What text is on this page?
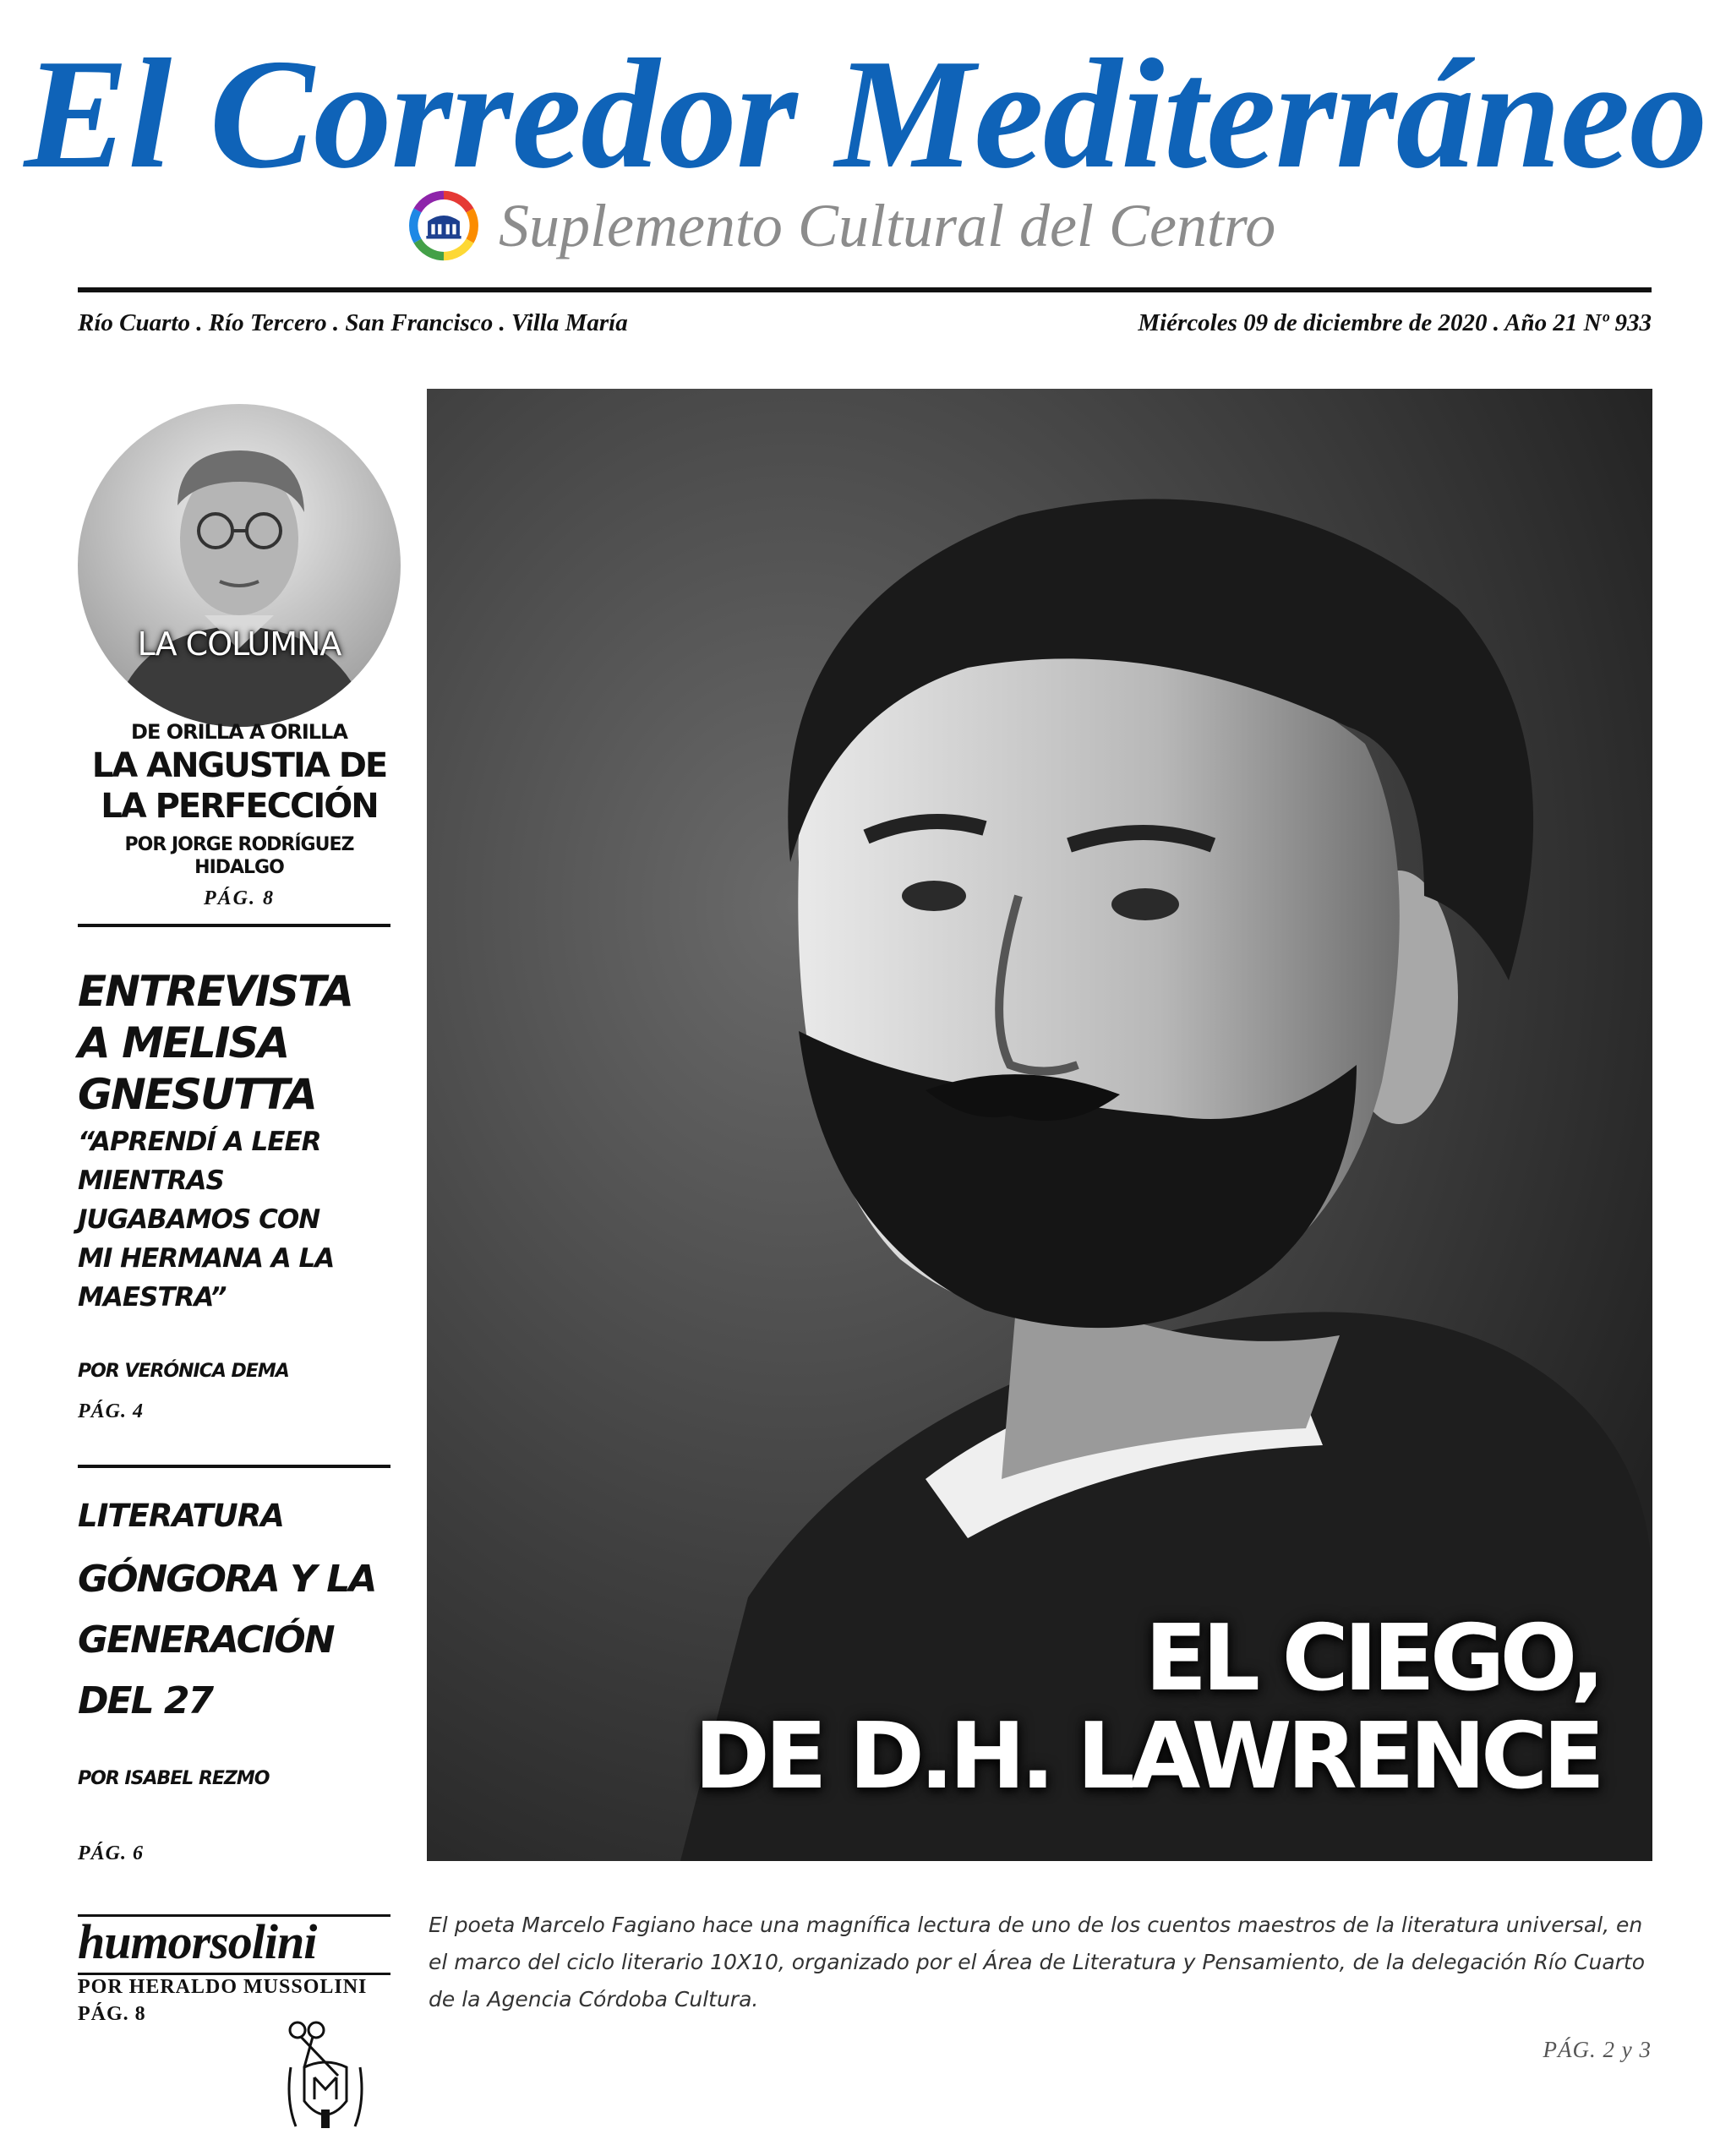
El Corredor Mediterráneo
Suplemento Cultural del Centro
Río Cuarto . Río Tercero . San Francisco . Villa María	Miércoles 09 de diciembre de 2020 . Año 21 Nº 933
LA COLUMNA
DE ORILLA A ORILLA
LA ANGUSTIA DE LA PERFECCIÓN
POR JORGE RODRÍGUEZ HIDALGO
PÁG. 8
ENTREVISTA A MELISA GNESUTTA
“APRENDÍ A LEER MIENTRAS JUGABAMOS CON MI HERMANA A LA MAESTRA”
POR VERÓNICA DEMA
PÁG. 4
LITERATURA
GÓNGORA Y LA GENERACIÓN DEL 27
POR ISABEL REZMO
PÁG. 6
humorsolini
POR HERALDO MUSSOLINI
PÁG. 8
EL CIEGO,
DE D.H. LAWRENCE
El poeta Marcelo Fagiano hace una magnífica lectura de uno de los cuentos maestros de la literatura universal, en el marco del ciclo literario 10X10, organizado por el Área de Literatura y Pensamiento, de la delegación Río Cuarto de la Agencia Córdoba Cultura.
PÁG. 2 y 3
